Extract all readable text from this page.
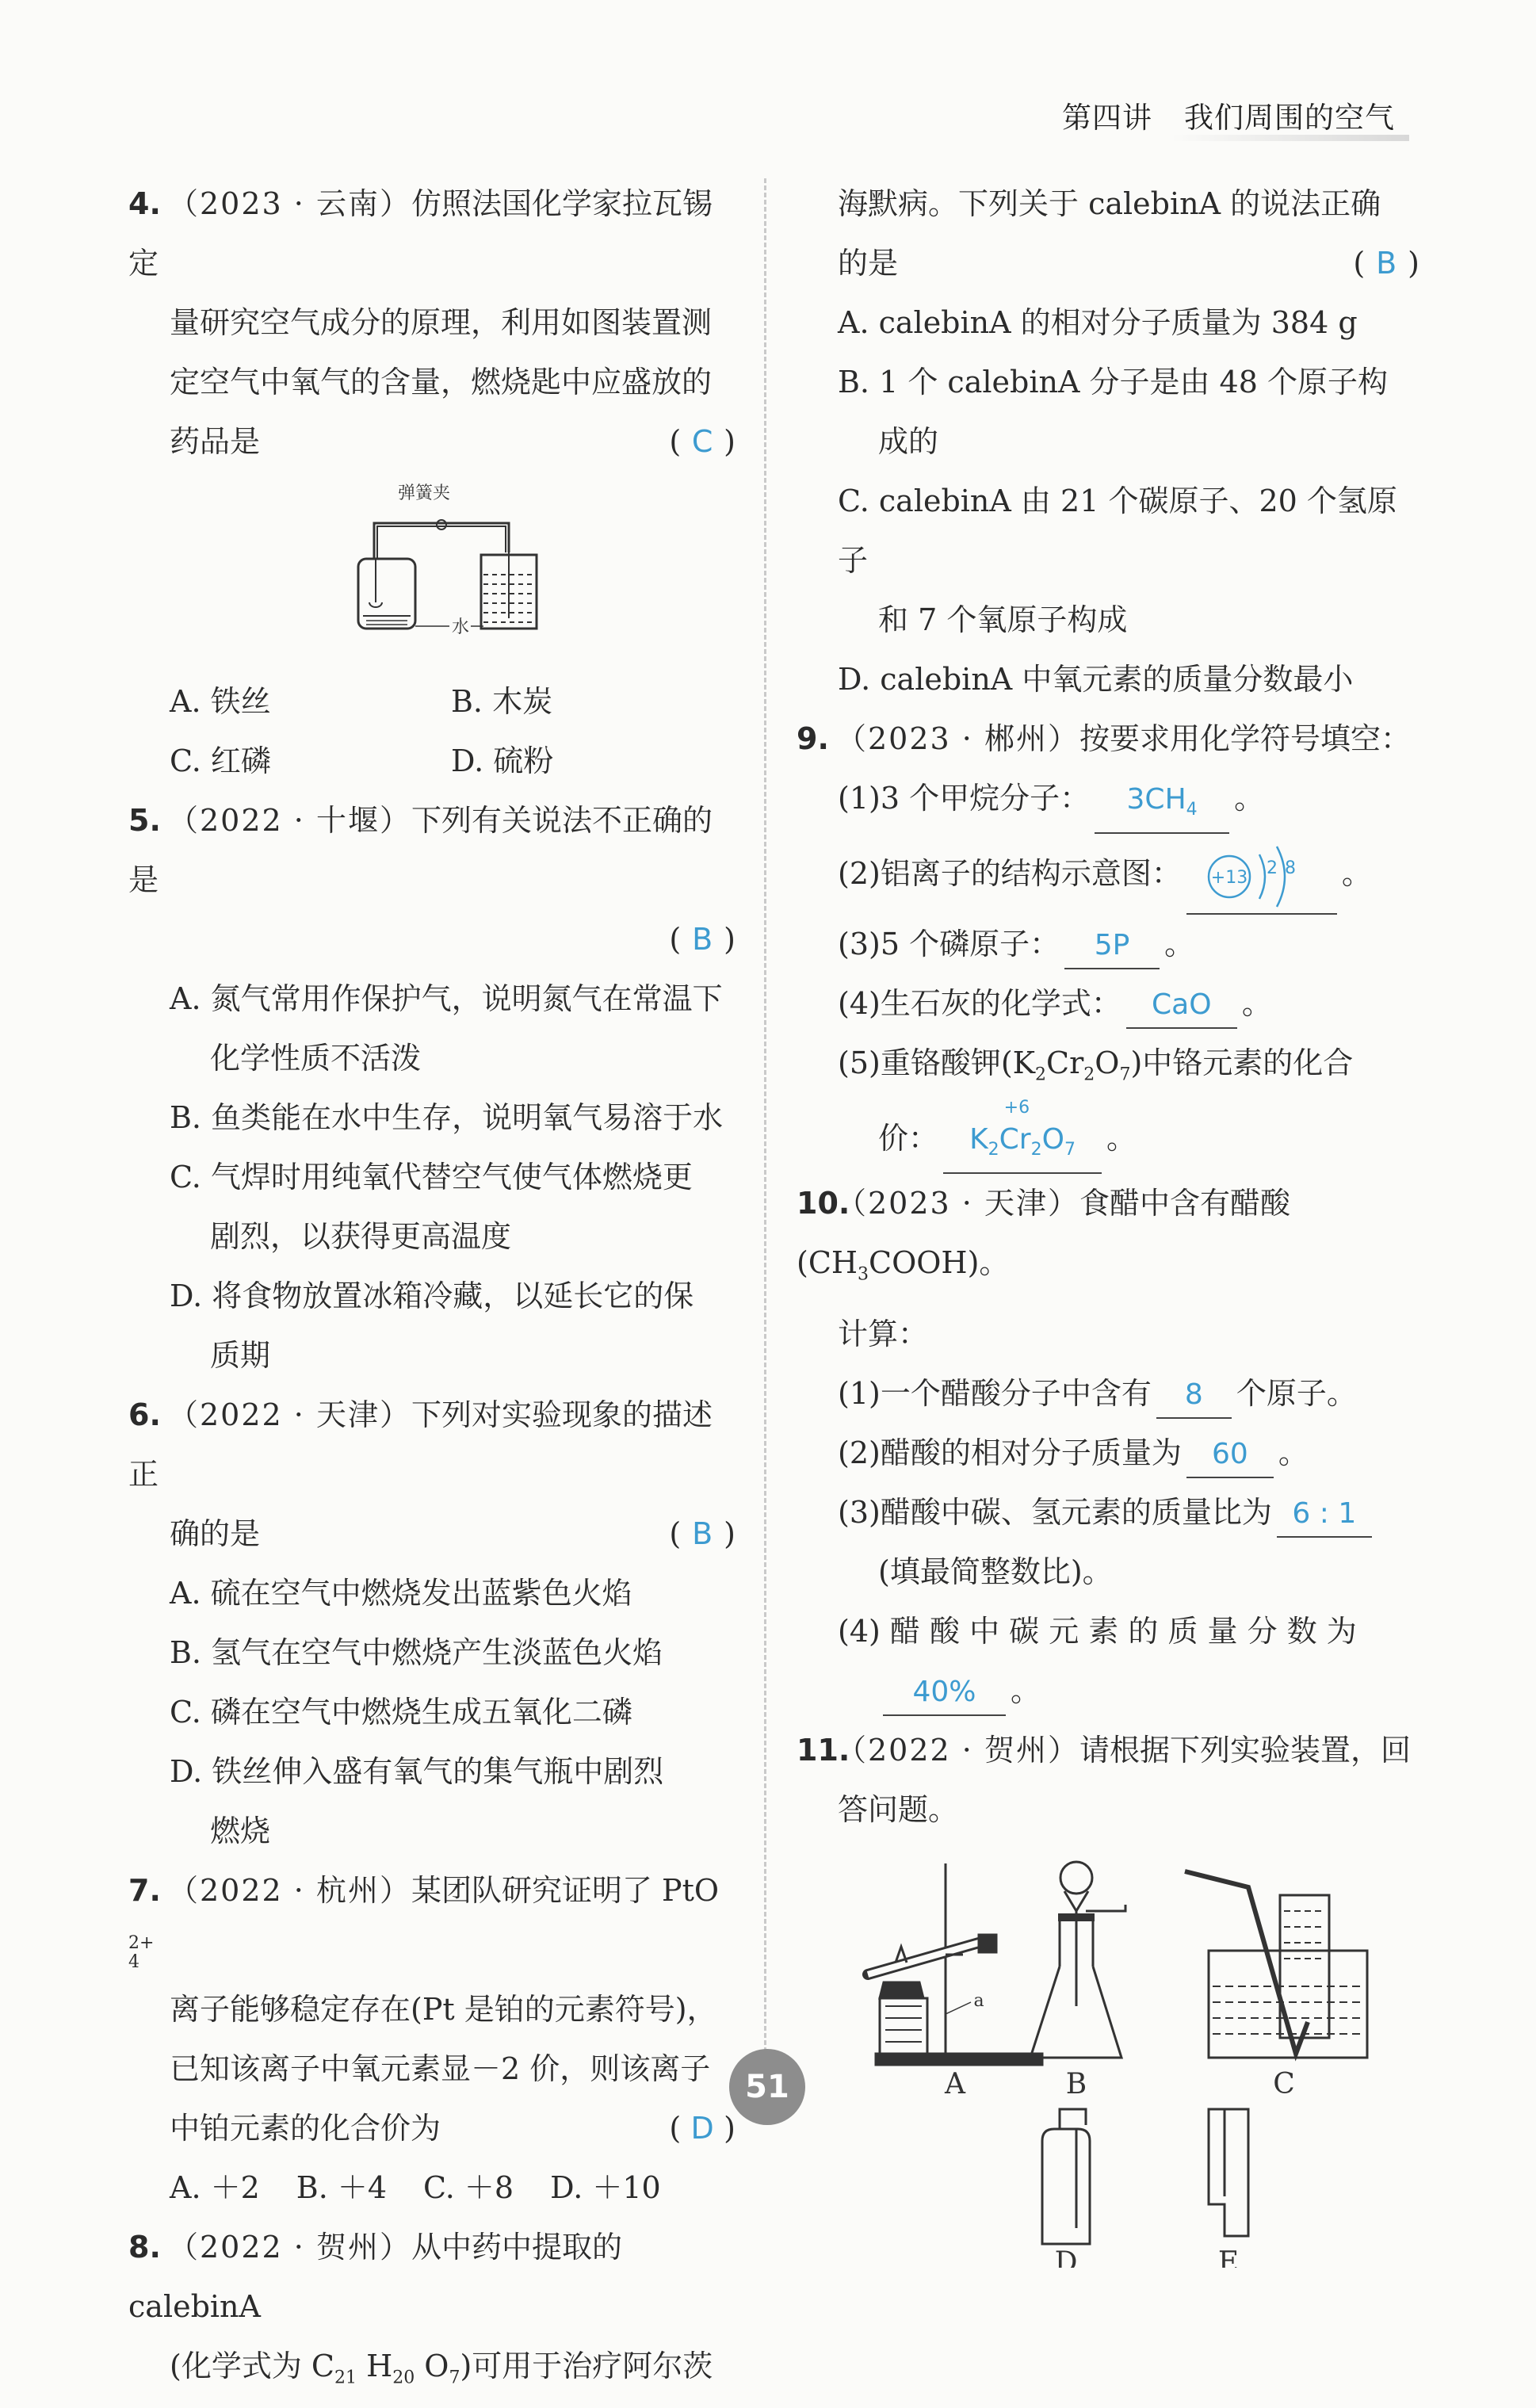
第四讲 我们周围的空气
4. （2023 · 云南）仿照法国化学家拉瓦锡定
量研究空气成分的原理，利用如图装置测
定空气中氧气的含量，燃烧匙中应盛放的
药品是	( C )
弹簧夹
水
A. 铁丝	B. 木炭
C. 红磷	D. 硫粉
5. （2022 · 十堰）下列有关说法不正确的是
( B )
A. 氮气常用作保护气，说明氮气在常温下
化学性质不活泼
B. 鱼类能在水中生存，说明氧气易溶于水
C. 气焊时用纯氧代替空气使气体燃烧更
剧烈，以获得更高温度
D. 将食物放置冰箱冷藏，以延长它的保
质期
6. （2022 · 天津）下列对实验现象的描述正
确的是	( B )
A. 硫在空气中燃烧发出蓝紫色火焰
B. 氢气在空气中燃烧产生淡蓝色火焰
C. 磷在空气中燃烧生成五氧化二磷
D. 铁丝伸入盛有氧气的集气瓶中剧烈
燃烧
7. （2022 · 杭州）某团队研究证明了 PtO
2+
4
离子能够稳定存在(Pt 是铂的元素符号)，
已知该离子中氧元素显－2 价，则该离子
中铂元素的化合价为	( D )
A. ＋2 B. ＋4 C. ＋8 D. ＋10
8. （2022 · 贺州）从中药中提取的 calebinA
(化学式为 $C_{21}$ $H_{20}$ $O_7$)可用于治疗阿尔茨
海默病。下列关于 calebinA 的说法正确
的是	( B )
A. calebinA 的相对分子质量为 384 g
B. 1 个 calebinA 分子是由 48 个原子构
成的
C. calebinA 由 21 个碳原子、20 个氢原子
和 7 个氧原子构成
D. calebinA 中氧元素的质量分数最小
9. （2023 · 郴州）按要求用化学符号填空：
(1)3 个甲烷分子： $3CH_4$ 。
(2)铝离子的结构示意图： +13 2 8 。
(3)5 个磷原子： 5P 。
(4)生石灰的化学式： CaO 。
(5)重铬酸钾$(K_2Cr_2O_7)$中铬元素的化合
价： $K_2$
+6
$Cr_2O_7$ 。
10.（2023 · 天津）食醋中含有醋酸$(CH_3COOH)$。
计算：
(1)一个醋酸分子中含有 8 个原子。
(2)醋酸的相对分子质量为 60 。
(3)醋酸中碳、氢元素的质量比为 6 : 1
(填最简整数比)。
(4) 醋 酸 中 碳 元 素 的 质 量 分 数 为
40% 。
11.（2022 · 贺州）请根据下列实验装置，回
答问题。
A	B	C
D	E
a
51
